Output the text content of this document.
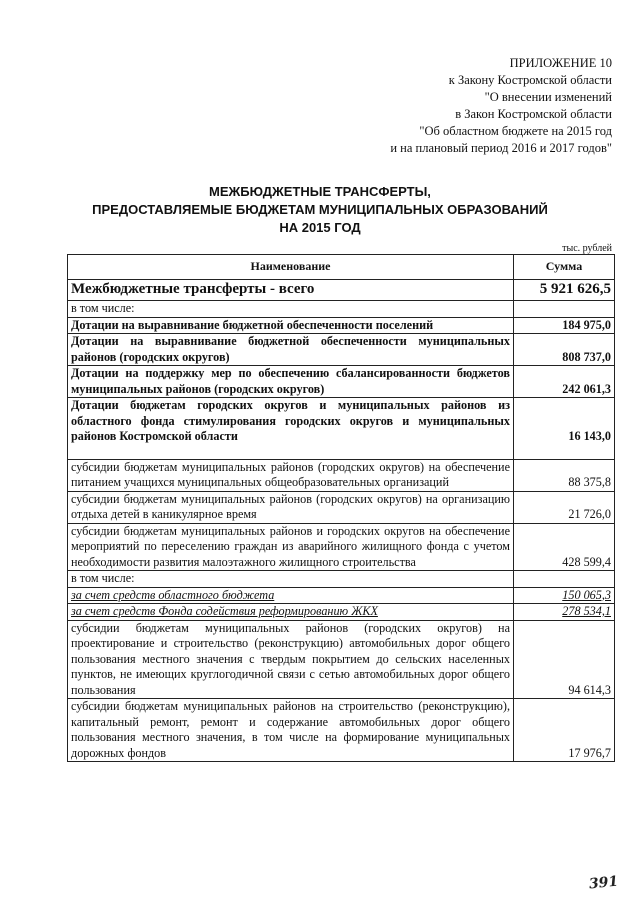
ПРИЛОЖЕНИЕ 10
к Закону Костромской области
"О внесении изменений
в Закон Костромской области
"Об областном бюджете на 2015 год
и на плановый период 2016 и 2017 годов"
МЕЖБЮДЖЕТНЫЕ ТРАНСФЕРТЫ,
ПРЕДОСТАВЛЯЕМЫЕ БЮДЖЕТАМ МУНИЦИПАЛЬНЫХ ОБРАЗОВАНИЙ
НА 2015 ГОД
тыс. рублей
Наименование	Сумма
Межбюджетные трансферты - всего	5 921 626,5
в том числе:	
Дотации на выравнивание бюджетной обеспеченности поселений	184 975,0
Дотации на выравнивание бюджетной обеспеченности муниципальных районов (городских округов)	808 737,0
Дотации на поддержку мер по обеспечению сбалансированности бюджетов муниципальных районов (городских округов)	242 061,3
Дотации бюджетам городских округов и муниципальных районов из областного фонда стимулирования городских округов и муниципальных районов Костромской области	16 143,0
субсидии бюджетам муниципальных районов (городских округов) на обеспечение питанием учащихся муниципальных общеобразовательных организаций	88 375,8
субсидии бюджетам муниципальных районов (городских округов) на организацию отдыха детей в каникулярное время	21 726,0
субсидии бюджетам муниципальных районов и городских округов на обеспечение мероприятий по переселению граждан из аварийного жилищного фонда с учетом необходимости развития малоэтажного жилищного строительства	428 599,4
в том числе:	
за счет средств областного бюджета	150 065,3
за счет средств Фонда содействия реформированию ЖКХ	278 534,1
субсидии бюджетам муниципальных районов (городских округов) на проектирование и строительство (реконструкцию) автомобильных дорог общего пользования местного значения с твердым покрытием до сельских населенных пунктов, не имеющих круглогодичной связи с сетью автомобильных дорог общего пользования	94 614,3
субсидии бюджетам муниципальных районов на строительство (реконструкцию), капитальный ремонт, ремонт и содержание автомобильных дорог общего пользования местного значения, в том числе на формирование муниципальных дорожных фондов	17 976,7
391
